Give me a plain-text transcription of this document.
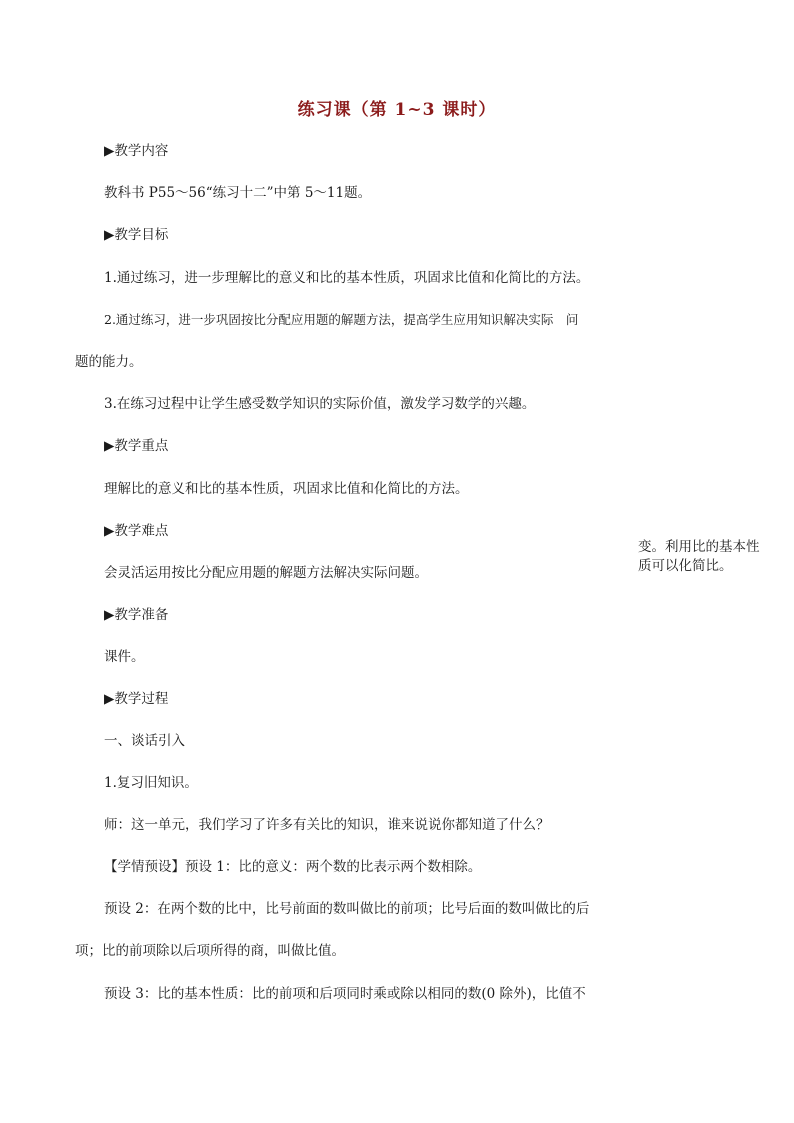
练习课（第 1~3 课时）
▶教学内容
教科书 P55～56“练习十二”中第 5～11题。
▶教学目标
1.通过练习，进一步理解比的意义和比的基本性质，巩固求比值和化简比的方法。
2.通过练习，进一步巩固按比分配应用题的解题方法，提高学生应用知识解决实际　问
题的能力。
3.在练习过程中让学生感受数学知识的实际价值，激发学习数学的兴趣。
▶教学重点
理解比的意义和比的基本性质，巩固求比值和化简比的方法。
▶教学难点
会灵活运用按比分配应用题的解题方法解决实际问题。
▶教学准备
课件。
▶教学过程
一、谈话引入
1.复习旧知识。
师：这一单元，我们学习了许多有关比的知识，谁来说说你都知道了什么？
【学情预设】预设 1：比的意义：两个数的比表示两个数相除。
预设 2：在两个数的比中，比号前面的数叫做比的前项；比号后面的数叫做比的后
项；比的前项除以后项所得的商，叫做比值。
预设 3：比的基本性质：比的前项和后项同时乘或除以相同的数(0 除外)，比值不
变。利用比的基本性质可以化简比。
